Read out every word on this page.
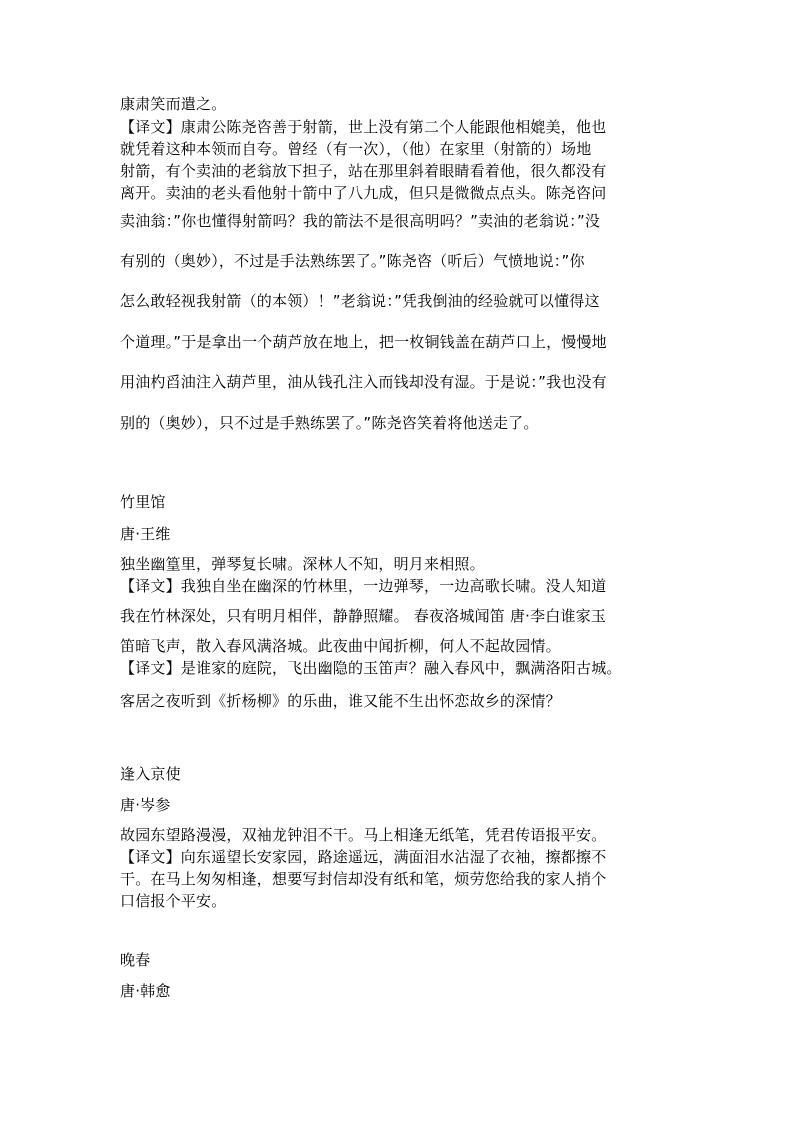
康肃笑而遣之。
【译文】康肃公陈尧咨善于射箭，世上没有第二个人能跟他相媲美，他也
就凭着这种本领而自夸。曾经（有一次），（他）在家里（射箭的）场地
射箭，有个卖油的老翁放下担子，站在那里斜着眼睛看着他，很久都没有
离开。卖油的老头看他射十箭中了八九成，但只是微微点点头。陈尧咨问
卖油翁：”你也懂得射箭吗？我的箭法不是很高明吗？”卖油的老翁说：”没
有别的（奥妙），不过是手法熟练罢了。”陈尧咨（听后）气愤地说：”你
怎么敢轻视我射箭（的本领）！”老翁说：”凭我倒油的经验就可以懂得这
个道理。”于是拿出一个葫芦放在地上，把一枚铜钱盖在葫芦口上，慢慢地
用油杓舀油注入葫芦里，油从钱孔注入而钱却没有湿。于是说：”我也没有
别的（奥妙），只不过是手熟练罢了。”陈尧咨笑着将他送走了。
竹里馆
唐·王维
独坐幽篁里，弹琴复长啸。深林人不知，明月来相照。
【译文】我独自坐在幽深的竹林里，一边弹琴，一边高歌长啸。没人知道
我在竹林深处，只有明月相伴，静静照耀。 春夜洛城闻笛 唐·李白谁家玉
笛暗飞声，散入春风满洛城。此夜曲中闻折柳，何人不起故园情。
【译文】是谁家的庭院，飞出幽隐的玉笛声？融入春风中，飘满洛阳古城。
客居之夜听到《折杨柳》的乐曲，谁又能不生出怀恋故乡的深情？
逢入京使
唐·岑参
故园东望路漫漫，双袖龙钟泪不干。马上相逢无纸笔，凭君传语报平安。
【译文】向东遥望长安家园，路途遥远，满面泪水沾湿了衣袖，擦都擦不
干。在马上匆匆相逢，想要写封信却没有纸和笔，烦劳您给我的家人捎个
口信报个平安。
晚春
唐·韩愈
